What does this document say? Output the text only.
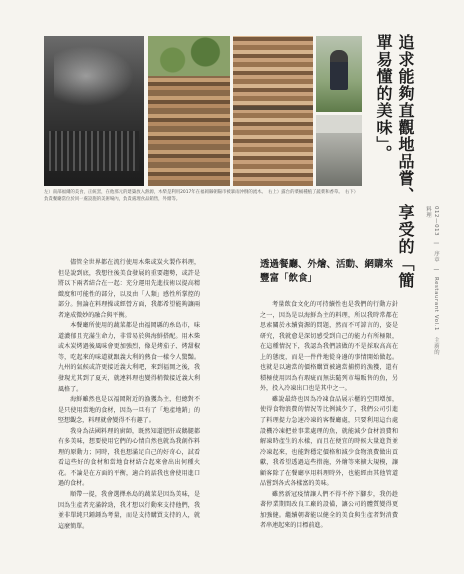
左）南部福爾的美食，正統窯，在他那元的建築放入熱源，木柴是利用2017年在福岡縣朝陽市被暴雨沖倒的流木。　右上）露台的菜桶種植了蔬菜和香草。　右下）負責餐廳當位於同一處設施的美術場內，負責處理食品銷售，外燴等。	追求能夠直觀地品嘗、享受的「簡單易懂的美味」。
012—013　|　序章　|　Restaurant Vol.1　主廚的料理

儘管全世界都在流行使用木柴或炭火製作料理，但是說到底，我想往後美食發展的重要趨勢，或許是將以下兩者結合在一起：充分運用先進技術以提高精緻度和可能性的部分，以及由「人類」感性所掌控的部分。無論在料理操或經營方面，我都希望能夠讓兩者達成微妙的融合與平衡。

本餐廳所使用的蔬菜都是由福岡縣的糸島市，味道濃郁且充滿生命力，非常易於與海鮮搭配。用木柴或木炭烤過後風味會更加強烈，像是烤茄子、烤甜椒等，吃起來的味道就跟義大利的熱食一樣令人驚豔。九州的氣候或許更接近義大利吧，來到福岡之後，我發現尤其到了夏天，就連料理也變得稍微接近義大利風格了。

海鮮雖然也是以福岡附近的漁獲為主，但總對不是只使用當地的食材，因為一旦有了「地產地銷」的堅想觀念，料理就會變得不有趣了。

我身為法國料理的廚師，既然知道肥肝或鵝腿都有多美味，想要使用它們的心情自然也就為我創作料理的原動力；同時，我也想滿足自己的好奇心，試看看這些好的食材和當地食材結合起來會出出何種火花。不論是在方面的平衡，適合的話我也會使用進口過的食材。

順帶一提，我會選擇糸島的蔬菜是因為美味，是因為生產者充滿幹勁，我才想以行動來支持他們，我並非單純只鍾鍾為考量，而是支持購買支持的人，就這麼簡單。

透過餐廳、外燴、活動、網購來豐富「飲食」

考量飲食文化的可持續性也是我們的行動方針之一，因為是以海鮮為主的料理，所以我時常都在思索關於永續資源的問題，然而不可諱言的，姿是研究，我就愈是深切感受到自己的能力有所極限，在這種情況下，我認為我們該做的不是採取高高在上的態度，而是一件件地從身邊的事情開始做起。也就是以適當的價格購買被適當捕撈的漁獲，還有積極使用因為有瑕疵而無法隨列市場販售的魚，另外，投入冷凍出口也是其中之一。

雖說最終也因為冷凍食品展示櫃的空間增加，使得食物浪費的情況等比例減少了，我們公司引進了料理提力急速冷凍的客餐廳處，只要利用這台處設機冷凍把並事業處理的魚，就能減少食材浪費和解凍時產生的水樣，而且在便宜的時候大量進貨並冷凍起來，也能對穩定價格和減少食物浪費做出貢獻，我希望透過這些措施，外燴等來擴大規模，讓顧客除了在餐廳享用料理時外，也能經由其他管道品嘗到各式各樣富的美味。

雖然新冠疫情讓人們不得不停下腳步，我仍趁著停業期間改良工廠的設備，讓公司的體質變得更加強健。繼續朝著能以健全的美食與生產者對消費者串連起來的目標前進。
